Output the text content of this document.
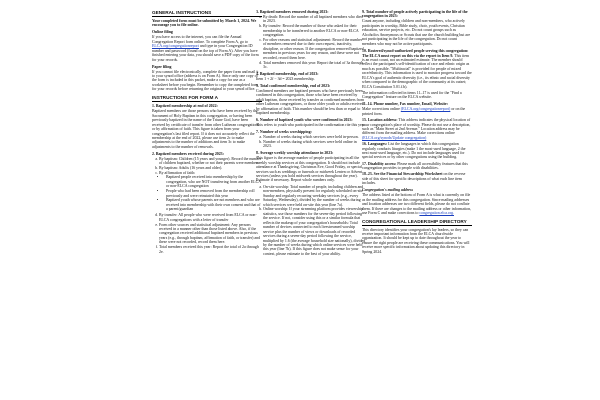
GENERAL INSTRUCTIONS

Your completed form must be submitted by March 1, 2024. We encourage you to file online.

Online filing

If you have access to the internet, you can file the Annual Congregation Report form online. To complete Form A, go to ELCA.org/congregationreport and type in your Congregation ID number and password (found on the top of Form A). After you have finished entering your data, you should save a PDF copy of the form for your records.

Paper filing

If you cannot file electronically, complete the paper form and mail it to your synod office (address is on Form A). Since only one copy of the form is included in this packet, make a copy for use as a worksheet before you begin. Remember to copy the completed form for your records before returning the original to your synod office.

INSTRUCTIONS FOR FORM A
1. Baptized membership at end of 2022:

Baptized members are those persons who have been received by the Sacrament of Holy Baptism in this congregation, or having been previously baptized in the name of the Triune God, have been received by certificate of transfer from other Lutheran congregations or by affirmation of faith. This figure is taken from your congregation's last filed report. If it does not accurately reflect the membership at the end of 2022, please use item 2c to make adjustments to the number of additions and item 3c to make adjustments to the number of removals.

2. Baptized members received during 2023:
a. By baptism: Children (15 years and younger). Record the number of children baptized, whether or not their parents were members
b. By baptism: Adults (16 years and older).
c. By affirmation of faith:
• Baptized people received into membership by the congregation, who are NOT transferring from another ELCA or non-ELCA congregation
• People who had been removed from the membership roll previously and were reinstated this year
• Baptized youth whose parents are not members and who are received into membership with their own consent and that of a parent/guardian
d. By transfer: All people who were received from ELCA or non-ELCA congregations with a letter of transfer
e. Form other sources and statistical adjustment: Any persons received in a manner other than those listed above. Also, if the congregation received additional baptized members in previous years (e.g., through baptism, affirmation of faith, or transfer) and these were not recorded, record them here.
f. Total members received this year: Report the total of 2a through 2e.
3. Baptized members removed during 2023:
a. By death: Record the number of all baptized members who died in 2023.
b. By transfer: Record the number of those who asked for their membership to be transferred to another ELCA or non-ELCA congregation.
c. For other reasons and statistical adjustment: Record the number of members removed due to their own request, inactivity, discipline, or other reason. If the congregation removed baptized members in previous years for any reason, and these were not recorded, record them here.
d. Total members removed this year: Report the total of 3a through 3c.
4. Baptized membership, end of 2023:

Item 1 + 2f − 3d = 2023 membership.

5. Total confirmed membership, end of 2023:

Confirmed members are baptized persons who have previously been confirmed in this congregation, those who have been received by adult baptism, those received by transfer as confirmed members from other Lutheran congregations, or those older youth or adults received by affirmation of faith. This number should be less than or equal to baptized membership.

6. Number of baptized youth who were confirmed in 2023:

This refers to youth who participated in the confirmation rite this year.

7. Number of weeks worshipping:
a. Number of weeks during which services were held in-person.
b. Number of weeks during which services were held online in 2023.
8. Average weekly worship attendance in 2023:

This figure is the average number of people participating in all the weekly worship services at this congregation. It should not include attendance at Thanksgiving, Christmas Eve, Good Friday, or special services such as weddings or funerals or midweek Lenten or Advent services (unless you hold midweek services throughout the year). Estimate if necessary. Report whole numbers only.

a. On-site worship: Total number of people, including children and non-members, physically present for regularly scheduled on-site Sunday and regularly recurring weekday services (e.g., every Saturday, Wednesday), divided by the number of weeks during which services were held on-site this year (line 7a).
b. Online worship: If your streaming platform provides viewership statistics, use those numbers for the seven-day period following the service. If not, consider using this or a similar formula that reflects the makeup of your congregation's households: Total number of devices connected to each livestreamed worship service plus the number of views or downloads of recorded services during a seven-day period following the service, multiplied by 1.6 (the average household size nationally), divided by the number of weeks during which online services were held this year (line 7b). If this figure does not make sense for your context, please estimate to the best of your ability.
9. Total number of people actively participating in the life of the congregation in 2023:

Count anyone, including children and non-members, who actively participates in worship, Bible study, choir, youth events, Christian education, service projects, etc. Do not count groups such as Alcoholics Anonymous or Scouts that use the church building but are not participating in the life of the congregation. Do not count members who may not be active participants.

10. Rostered/synod-authorized people serving this congregation:

The ELCA must report on this via the report in Item 9. This item is an exact count, not an estimated estimate. The member should reflect the participant's self-identification of race and ethnic origin as much as possible. "Multiracial" is provided for people of mixed race/ethnicity. This information is used to monitor progress toward the ELCA's goal of authentic diversity (i.e., its ethnic and racial diversity when compared to the demographic of the community at its outset; ELCA Constitution 5.01.f.b).

The information collected in items 11–17 is used for the "Find a Congregation" feature on the ELCA website.

11–14. Phone number, Fax number, Email, Website:

Make corrections online (ELCA.org/congregationreport) or on the printed form.

15. Location address: This address indicates the physical location of your congregation's place of worship. Please do not use a description, such as "Main Street at 2nd Avenue." Location address may be different from the mailing address. Make corrections online (ELCA.org/synods/Update congregation)

16. Languages: List the languages in which this congregation regularly conducts liturgies (make 1 the most-used language, 2 the next most-used language, etc.). Do not include languages used for special services or by other congregations using the building.

17. Disability access: Please mark all accessibility features that this congregation provides to people with disabilities.

18–23. See the Financial Stewardship Worksheet on the reverse side of this sheet for specific descriptions of what each line item includes.

Congregation's mailing address

The address listed at the bottom of Form A is what is currently on file as the mailing address for this congregation. Since mailing addresses and location addresses are two different fields, please do not conflate them. If there are changes to the mailing address or other information, use Form C and make corrections to congregation.elca.org.

CONGREGATIONAL LEADERSHIP DIRECTORY

This directory identifies your congregation's lay leaders, so they can receive important information from the ELCA churchwide organization. It should be kept up to date throughout the year to ensure the right people are receiving these communications. You will receive more specific information about updating this directory in Spring 2024.
